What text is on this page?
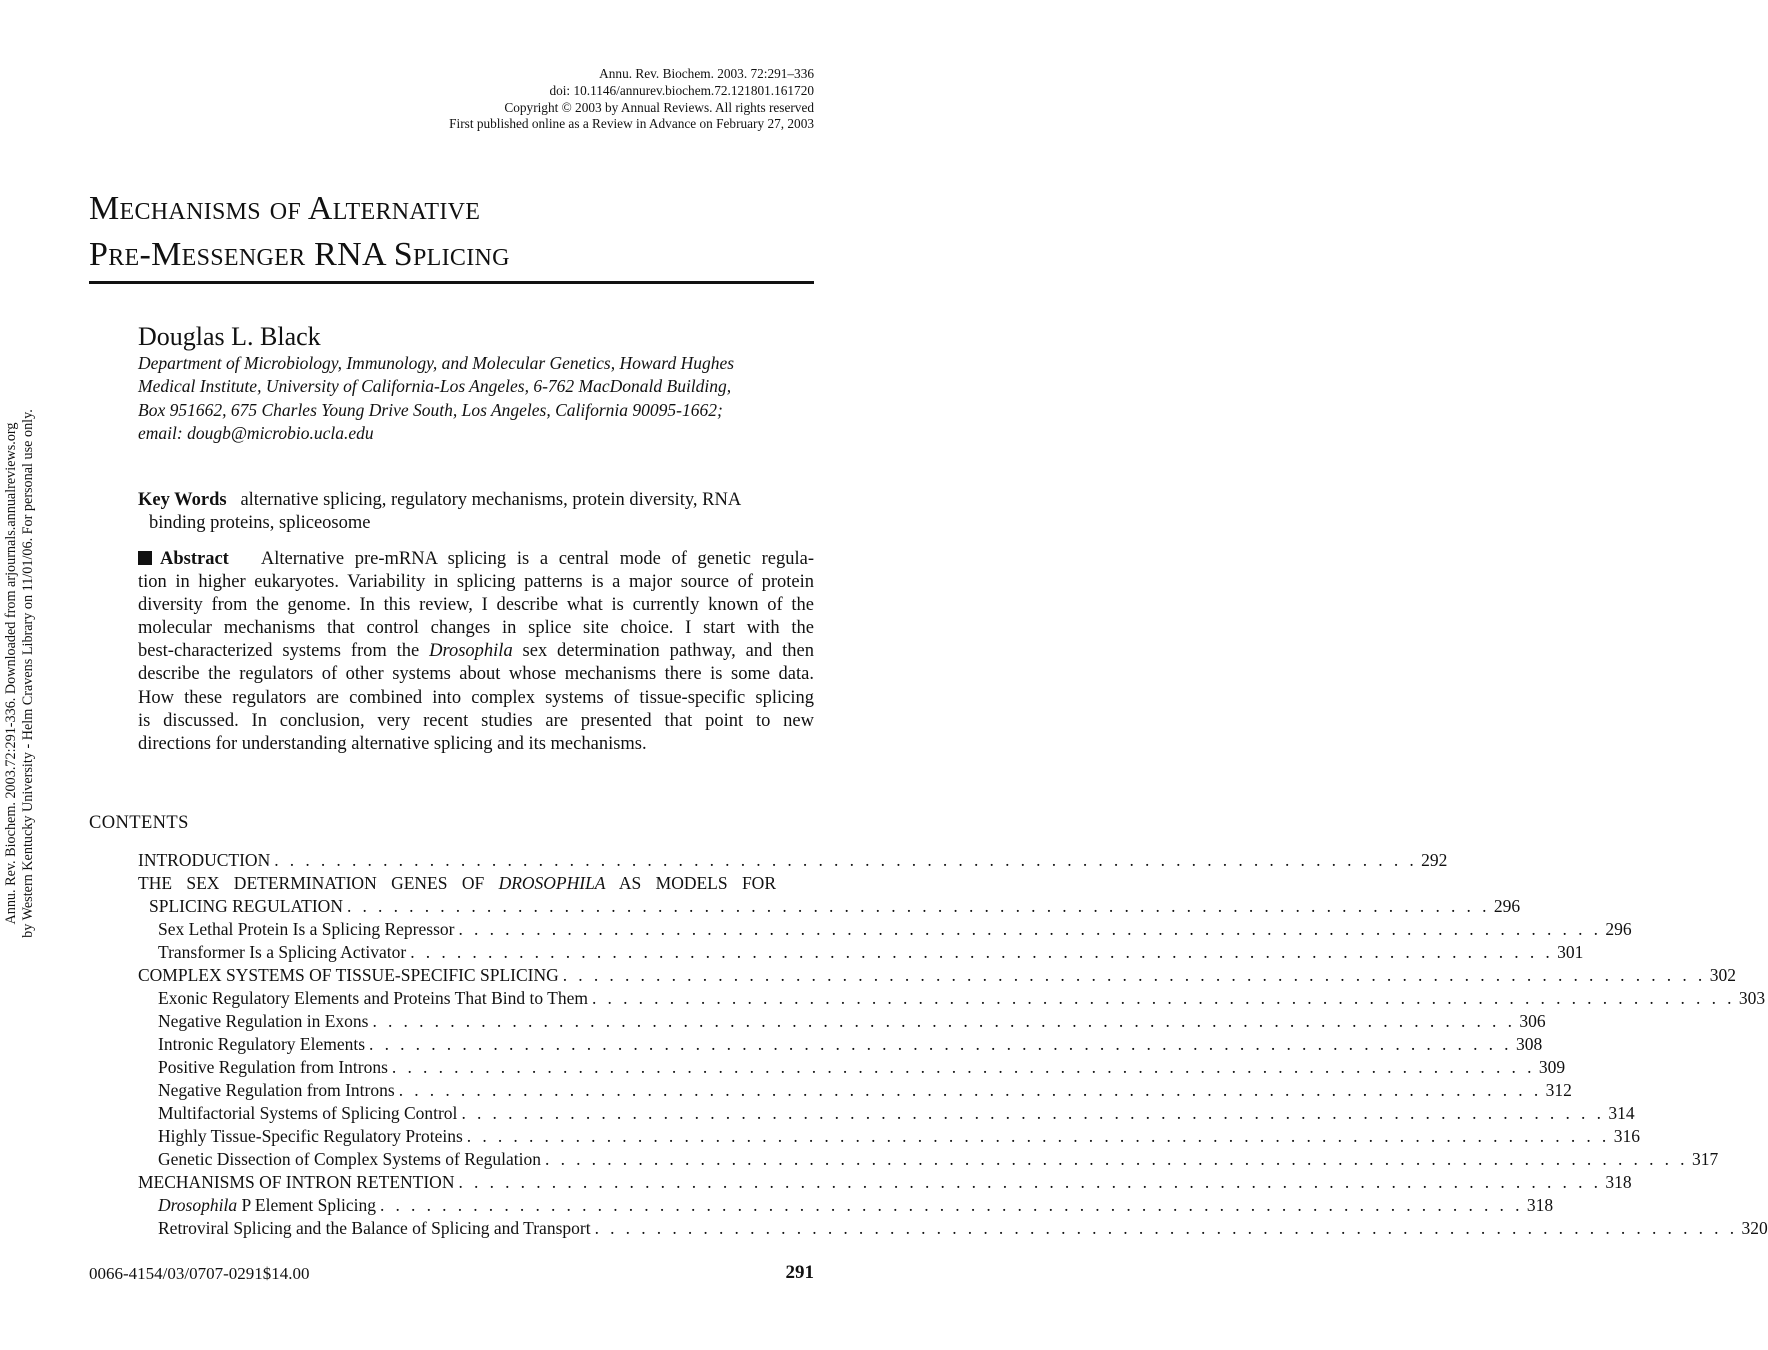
Annu. Rev. Biochem. 2003. 72:291–336
doi: 10.1146/annurev.biochem.72.121801.161720
Copyright © 2003 by Annual Reviews. All rights reserved
First published online as a Review in Advance on February 27, 2003
Mechanisms of Alternative
Pre-Messenger RNA Splicing
Douglas L. Black
Department of Microbiology, Immunology, and Molecular Genetics, Howard Hughes
Medical Institute, University of California-Los Angeles, 6-762 MacDonald Building,
Box 951662, 675 Charles Young Drive South, Los Angeles, California 90095-1662;
email: dougb@microbio.ucla.edu
Key Words alternative splicing, regulatory mechanisms, protein diversity, RNA
binding proteins, spliceosome
Abstract Alternative pre-mRNA splicing is a central mode of genetic regula-
tion in higher eukaryotes. Variability in splicing patterns is a major source of protein
diversity from the genome. In this review, I describe what is currently known of the
molecular mechanisms that control changes in splice site choice. I start with the
best-characterized systems from the Drosophila sex determination pathway, and then
describe the regulators of other systems about whose mechanisms there is some data.
How these regulators are combined into complex systems of tissue-specific splicing
is discussed. In conclusion, very recent studies are presented that point to new
directions for understanding alternative splicing and its mechanisms.
CONTENTS
INTRODUCTION . . . . . . . . . . . . . . . . . . . . . . . . . . . . . . . . . . . . . . . . . . . . . . . . . . . . . . . . . . . . . . . . . . . . . . . . . . 292
THE SEX DETERMINATION GENES OF DROSOPHILA AS MODELS FOR
SPLICING REGULATION . . . . . . . . . . . . . . . . . . . . . . . . . . . . . . . . . . . . . . . . . . . . . . . . . . . . . . . . . . . . . . . . . . . . . . . . . . 296
Sex Lethal Protein Is a Splicing Repressor . . . . . . . . . . . . . . . . . . . . . . . . . . . . . . . . . . . . . . . . . . . . . . . . . . . . . . . . . . . . . . . . . . . . . . . . . . 296
Transformer Is a Splicing Activator . . . . . . . . . . . . . . . . . . . . . . . . . . . . . . . . . . . . . . . . . . . . . . . . . . . . . . . . . . . . . . . . . . . . . . . . . . 301
COMPLEX SYSTEMS OF TISSUE-SPECIFIC SPLICING . . . . . . . . . . . . . . . . . . . . . . . . . . . . . . . . . . . . . . . . . . . . . . . . . . . . . . . . . . . . . . . . . . . . . . . . . . 302
Exonic Regulatory Elements and Proteins That Bind to Them . . . . . . . . . . . . . . . . . . . . . . . . . . . . . . . . . . . . . . . . . . . . . . . . . . . . . . . . . . . . . . . . . . . . . . . . . . 303
Negative Regulation in Exons . . . . . . . . . . . . . . . . . . . . . . . . . . . . . . . . . . . . . . . . . . . . . . . . . . . . . . . . . . . . . . . . . . . . . . . . . . 306
Intronic Regulatory Elements . . . . . . . . . . . . . . . . . . . . . . . . . . . . . . . . . . . . . . . . . . . . . . . . . . . . . . . . . . . . . . . . . . . . . . . . . . 308
Positive Regulation from Introns . . . . . . . . . . . . . . . . . . . . . . . . . . . . . . . . . . . . . . . . . . . . . . . . . . . . . . . . . . . . . . . . . . . . . . . . . . 309
Negative Regulation from Introns . . . . . . . . . . . . . . . . . . . . . . . . . . . . . . . . . . . . . . . . . . . . . . . . . . . . . . . . . . . . . . . . . . . . . . . . . . 312
Multifactorial Systems of Splicing Control . . . . . . . . . . . . . . . . . . . . . . . . . . . . . . . . . . . . . . . . . . . . . . . . . . . . . . . . . . . . . . . . . . . . . . . . . . 314
Highly Tissue-Specific Regulatory Proteins . . . . . . . . . . . . . . . . . . . . . . . . . . . . . . . . . . . . . . . . . . . . . . . . . . . . . . . . . . . . . . . . . . . . . . . . . . 316
Genetic Dissection of Complex Systems of Regulation . . . . . . . . . . . . . . . . . . . . . . . . . . . . . . . . . . . . . . . . . . . . . . . . . . . . . . . . . . . . . . . . . . . . . . . . . . 317
MECHANISMS OF INTRON RETENTION . . . . . . . . . . . . . . . . . . . . . . . . . . . . . . . . . . . . . . . . . . . . . . . . . . . . . . . . . . . . . . . . . . . . . . . . . . 318
Drosophila P Element Splicing . . . . . . . . . . . . . . . . . . . . . . . . . . . . . . . . . . . . . . . . . . . . . . . . . . . . . . . . . . . . . . . . . . . . . . . . . . 318
Retroviral Splicing and the Balance of Splicing and Transport . . . . . . . . . . . . . . . . . . . . . . . . . . . . . . . . . . . . . . . . . . . . . . . . . . . . . . . . . . . . . . . . . . . . . . . . . . 320
0066-4154/03/0707-0291$14.00	291
Annu. Rev. Biochem. 2003.72:291-336. Downloaded from arjournals.annualreviews.org by Western Kentucky University - Helm Cravens Library on 11/01/06. For personal use only.
